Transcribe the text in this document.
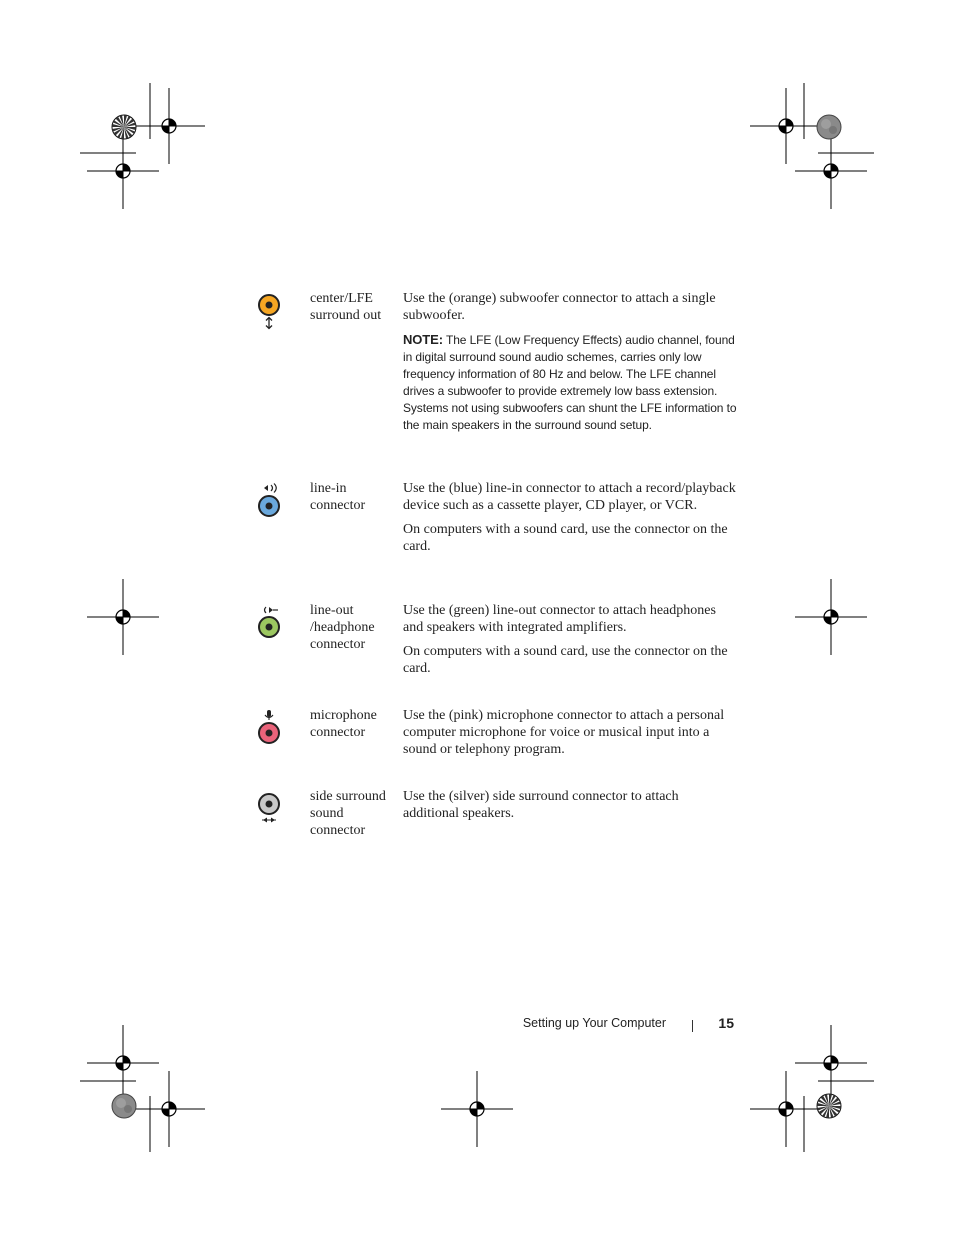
center/LFE surround out

Use the (orange) subwoofer connector to attach a single subwoofer.

NOTE: The LFE (Low Frequency Effects) audio channel, found in digital surround sound audio schemes, carries only low frequency information of 80 Hz and below. The LFE channel drives a subwoofer to provide extremely low bass extension. Systems not using subwoofers can shunt the LFE information to the main speakers in the surround sound setup.

line-in connector

Use the (blue) line-in connector to attach a record/playback device such as a cassette player, CD player, or VCR.

On computers with a sound card, use the connector on the card.

line-out /headphone connector

Use the (green) line-out connector to attach headphones and speakers with integrated amplifiers.

On computers with a sound card, use the connector on the card.

microphone connector

Use the (pink) microphone connector to attach a personal computer microphone for voice or musical input into a sound or telephony program.

side surround sound connector

Use the (silver) side surround connector to attach additional speakers.

Setting up Your Computer	15
